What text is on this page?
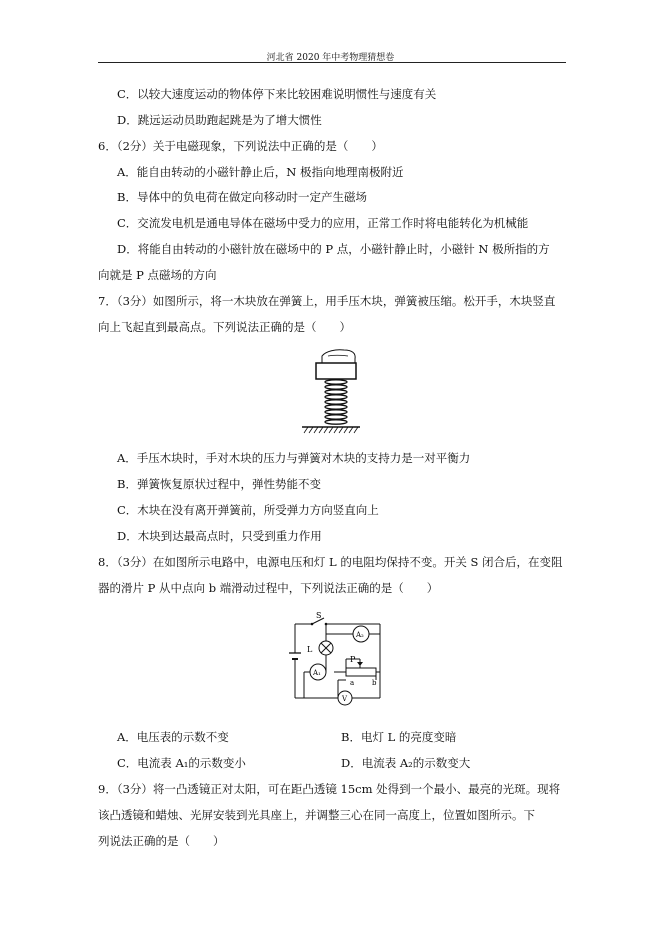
河北省 2020 年中考物理猜想卷
C．以较大速度运动的物体停下来比较困难说明惯性与速度有关
D．跳远运动员助跑起跳是为了增大惯性
6．（2分）关于电磁现象，下列说法中正确的是（　　）
A．能自由转动的小磁针静止后，N 极指向地理南极附近
B．导体中的负电荷在做定向移动时一定产生磁场
C．交流发电机是通电导体在磁场中受力的应用，正常工作时将电能转化为机械能
D．将能自由转动的小磁针放在磁场中的 P 点，小磁针静止时，小磁针 N 极所指的方
向就是 P 点磁场的方向
7．（3分）如图所示，将一木块放在弹簧上，用手压木块，弹簧被压缩。松开手，木块竖直
向上飞起直到最高点。下列说法正确的是（　　）
A．手压木块时，手对木块的压力与弹簧对木块的支持力是一对平衡力
B．弹簧恢复原状过程中，弹性势能不变
C．木块在没有离开弹簧前，所受弹力方向竖直向上
D．木块到达最高点时，只受到重力作用
8．（3分）在如图所示电路中，电源电压和灯 L 的电阻均保持不变。开关 S 闭合后，在变阻
器的滑片 P 从中点向 b 端滑动过程中，下列说法正确的是（　　）
S
A₂
L
A₁
P
a	b
V
A．电压表的示数不变	B．电灯 L 的亮度变暗
C．电流表 A₁的示数变小	D．电流表 A₂的示数变大
9．（3分）将一凸透镜正对太阳，可在距凸透镜 15cm 处得到一个最小、最亮的光斑。现将
该凸透镜和蜡烛、光屏安装到光具座上，并调整三心在同一高度上，位置如图所示。下
列说法正确的是（　　）
